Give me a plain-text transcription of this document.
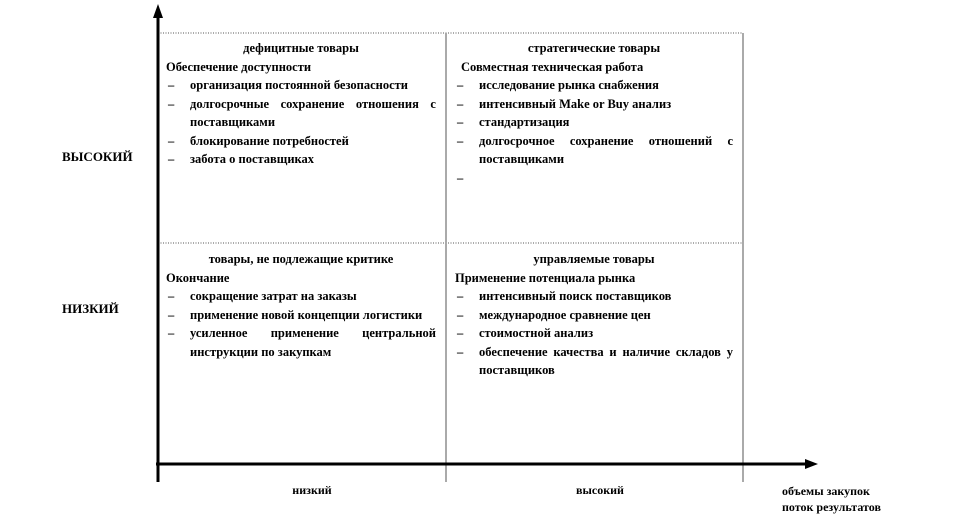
ВЫСОКИЙ
НИЗКИЙ
низкий	высокий	объемы закупок
поток результатов
дефицитные товары
Обеспечение доступности
– организация постоянной безопасности
– долгосрочные сохранение отношения с поставщиками
– блокирование потребностей
– забота о поставщиках
стратегические товары
Совместная техническая работа
– исследование рынка снабжения
– интенсивный Make or Buy анализ
– стандартизация
– долгосрочное сохранение отношений с поставщиками
–
товары, не подлежащие критике
Окончание
– сокращение затрат на заказы
– применение новой концепции логистики
– усиленное применение центральной инструкции по закупкам
управляемые товары
Применение потенциала рынка
– интенсивный поиск поставщиков
– международное сравнение цен
– стоимостной анализ
– обеспечение качества и наличие складов у поставщиков
